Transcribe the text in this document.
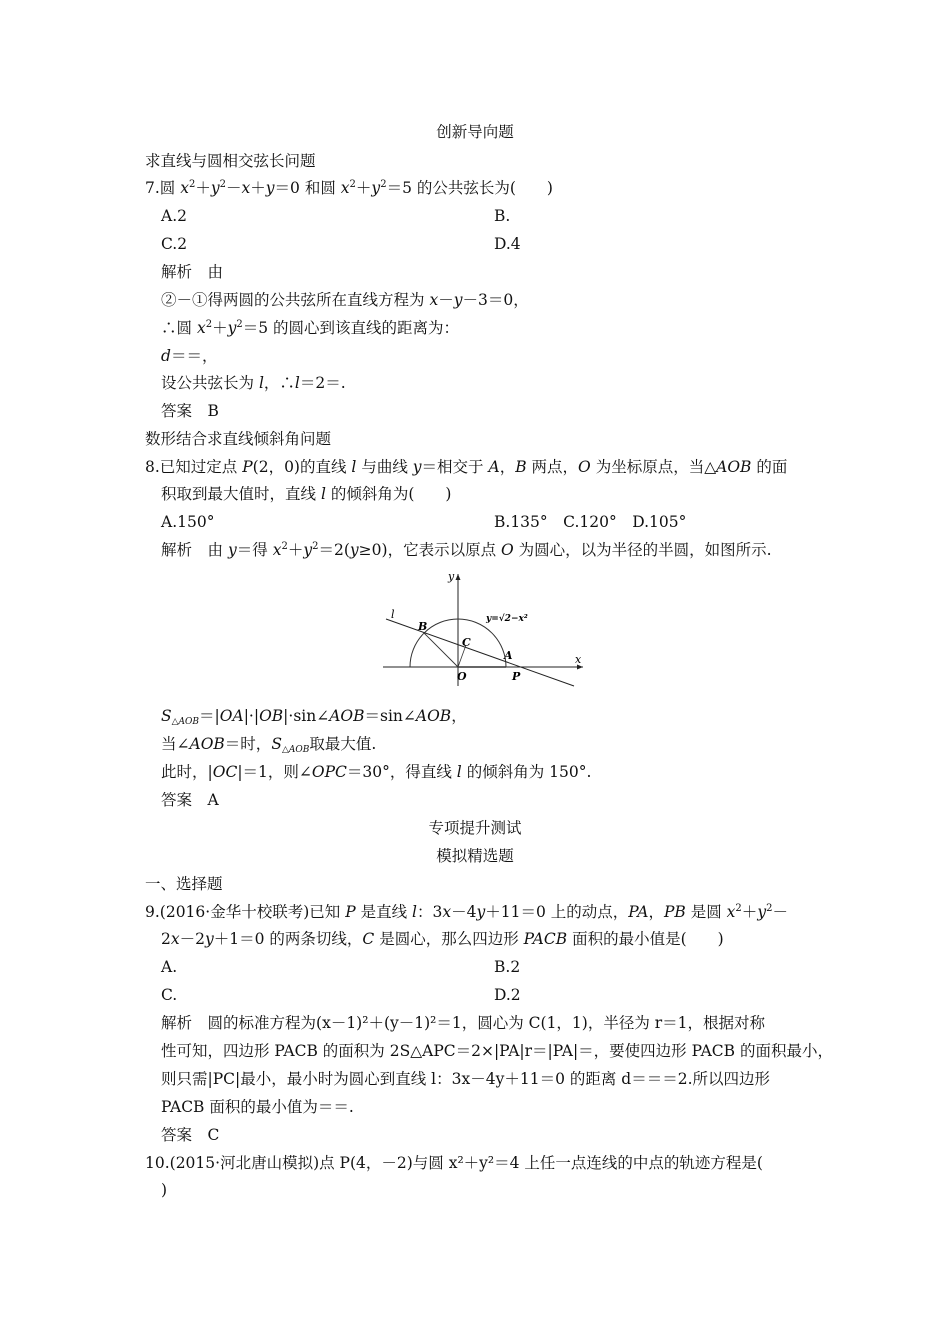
创新导向题
求直线与圆相交弦长问题
7.圆 $x^2+y^2-x+y=0$ 和圆 $x^2+y^2=5$ 的公共弦长为(　　)
A.2	B.
C.2	D.4
解析　 由
②－①得两圆的公共弦所在直线方程为 x－y－3＝0，
∴圆 $x^2+y^2=5$ 的圆心到该直线的距离为：
d＝＝，
设公共弦长为 l，∴l＝2＝.
答案　 B
数形结合求直线倾斜角问题
8.已知过定点 P(2，0)的直线 l 与曲线 y＝相交于 A，B 两点，O 为坐标原点，当△AOB 的面
积取到最大值时，直线 l 的倾斜角为(　　)
A.150°	B.135°　C.120°　D.105°
解析　 由 y＝得 $x^2+y^2=2(y\ge 0)$，它表示以原点 O 为圆心，以为半径的半圆，如图所示.
y
x
y=√2−x²
l
B
C
A
O	P
$S_{\triangle AOB}=|OA|\cdot|OB|\cdot\sin\angle AOB=\sin\angle AOB$，
当∠AOB＝时，$S_{\triangle AOB}$取最大值.
此时，|OC|＝1，则∠OPC＝30°，得直线 l 的倾斜角为 150°.
答案　 A
专项提升测试
模拟精选题
一、选择题
9.(2016·金华十校联考)已知 P 是直线 l：3x－4y＋11＝0 上的动点，PA，PB 是圆 $x^2+y^2-$
2x－2y＋1＝0 的两条切线，C 是圆心，那么四边形 PACB 面积的最小值是(　　)
A.	B.2
C.	D.2
解析　 圆的标准方程为(x－1)²＋(y－1)²＝1，圆心为 C(1，1)，半径为 r＝1，根据对称
性可知，四边形 PACB 的面积为 2S△APC＝2×|PA|r＝|PA|＝，要使四边形 PACB 的面积最小，
则只需|PC|最小，最小时为圆心到直线 l：3x－4y＋11＝0 的距离 d＝＝＝2.所以四边形
PACB 面积的最小值为＝＝.
答案　 C
10.(2015·河北唐山模拟)点 P(4，－2)与圆 x²＋y²＝4 上任一点连线的中点的轨迹方程是(
)
